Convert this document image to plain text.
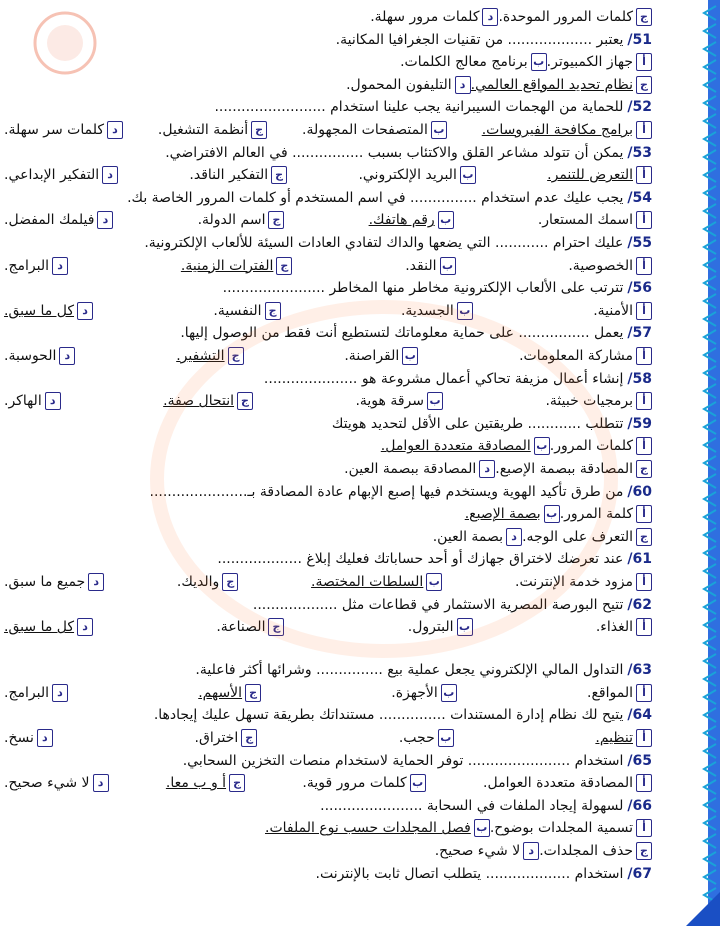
ج
كلمات المرور الموحدة.
د
كلمات مرور سهلة.
51/
يعتبر ................... من تقنيات الجغرافيا المكانية.
أ
جهاز الكمبيوتر.
ب
برنامج معالج الكلمات.
ج
نظام تحديد المواقع العالمي.
د
التليفون المحمول.
52/
للحماية من الهجمات السيبرانية يجب علينا استخدام .........................
أ
برامج مكافحة الفيروسات.
ب
المتصفحات المجهولة.
ج
أنظمة التشغيل.
د
كلمات سر سهلة.
53/
يمكن أن تتولد مشاعر القلق والاكتئاب بسبب ................ في العالم الافتراضي.
أ
التعرض للتنمر.
ب
البريد الإلكتروني.
ج
التفكير الناقد.
د
التفكير الإبداعي.
54/
يجب عليك عدم استخدام ............... في اسم المستخدم أو كلمات المرور الخاصة بك.
أ
اسمك المستعار.
ب
رقم هاتفك.
ج
اسم الدولة.
د
فيلمك المفضل.
55/
عليك احترام ............ التي يضعها والداك لتفادي العادات السيئة للألعاب الإلكترونية.
أ
الخصوصية.
ب
النقد.
ج
الفترات الزمنية.
د
البرامج.
56/
تترتب على الألعاب الإلكترونية مخاطر منها المخاطر .......................
أ
الأمنية.
ب
الجسدية.
ج
النفسية.
د
كل ما سبق.
57/
يعمل ................ على حماية معلوماتك لتستطيع أنت فقط من الوصول إليها.
أ
مشاركة المعلومات.
ب
القراصنة.
ج
التشفير.
د
الحوسبة.
58/
إنشاء أعمال مزيفة تحاكي أعمال مشروعة هو .....................
أ
برمجيات خبيثة.
ب
سرقة هوية.
ج
انتحال صفة.
د
الهاكر.
59/
تتطلب ............ طريقتين على الأقل لتحديد هويتك
أ
كلمات المرور.
ب
المصادقة متعددة العوامل.
ج
المصادقة ببصمة الإصبع.
د
المصادقة ببصمة العين.
60/
من طرق تأكيد الهوية ويستخدم فيها إصبع الإبهام عادة المصادقة بـ......................
أ
كلمة المرور.
ب
بصمة الإصبع.
ج
التعرف على الوجه.
د
بصمة العين.
61/
عند تعرضك لاختراق جهازك أو أحد حساباتك فعليك إبلاغ ...................
أ
مزود خدمة الإنترنت.
ب
السلطات المختصة.
ج
والديك.
د
جميع ما سبق.
62/
تتيح البورصة المصرية الاستثمار في قطاعات مثل ...................
أ
الغذاء.
ب
البترول.
ج
الصناعة.
د
كل ما سبق.
63/
التداول المالي الإلكتروني يجعل عملية بيع ............... وشرائها أكثر فاعلية.
أ
المواقع.
ب
الأجهزة.
ج
الأسهم.
د
البرامج.
64/
يتيح لك نظام إدارة المستندات ............... مستنداتك بطريقة تسهل عليك إيجادها.
أ
تنظيم.
ب
حجب.
ج
اختراق.
د
نسخ.
65/
استخدام ....................... توفر الحماية لاستخدام منصات التخزين السحابي.
أ
المصادقة متعددة العوامل.
ب
كلمات مرور قوية.
ج
أ و ب معا.
د
لا شيء صحيح.
66/
لسهولة إيجاد الملفات في السحابة .......................
أ
تسمية المجلدات بوضوح.
ب
فصل المجلدات حسب نوع الملفات.
ج
حذف المجلدات.
د
لا شيء صحيح.
67/
استخدام ................... يتطلب اتصال ثابت بالإنترنت.
